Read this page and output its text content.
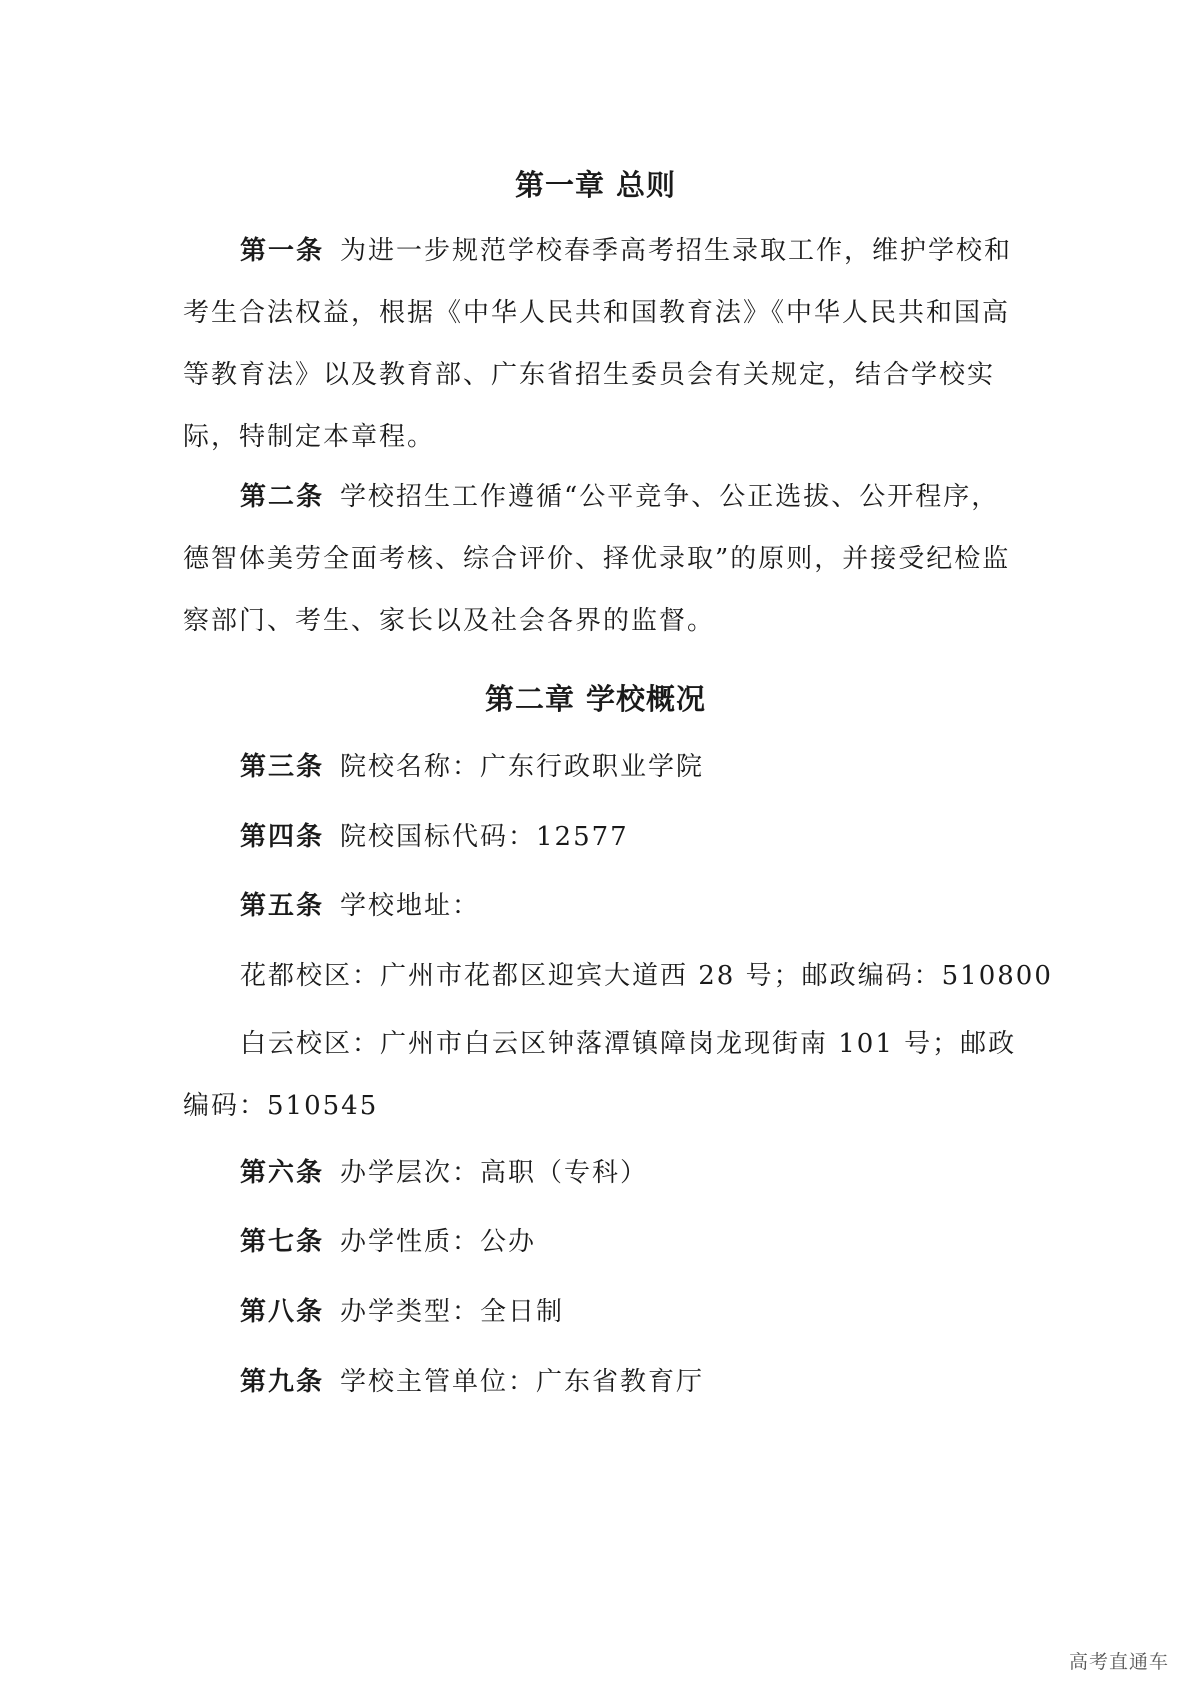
第一章 总则

第一条 为进一步规范学校春季高考招生录取工作，维护学校和考生合法权益，根据《中华人民共和国教育法》《中华人民共和国高等教育法》以及教育部、广东省招生委员会有关规定，结合学校实际，特制定本章程。

第二条 学校招生工作遵循“公平竞争、公正选拔、公开程序，德智体美劳全面考核、综合评价、择优录取”的原则，并接受纪检监察部门、考生、家长以及社会各界的监督。

第二章 学校概况

第三条 院校名称：广东行政职业学院

第四条 院校国标代码：12577

第五条 学校地址：

花都校区：广州市花都区迎宾大道西 28 号；邮政编码：510800

白云校区：广州市白云区钟落潭镇障岗龙现街南 101 号；邮政编码：510545

第六条 办学层次：高职（专科）

第七条 办学性质：公办

第八条 办学类型：全日制

第九条 学校主管单位：广东省教育厅

高考直通车
